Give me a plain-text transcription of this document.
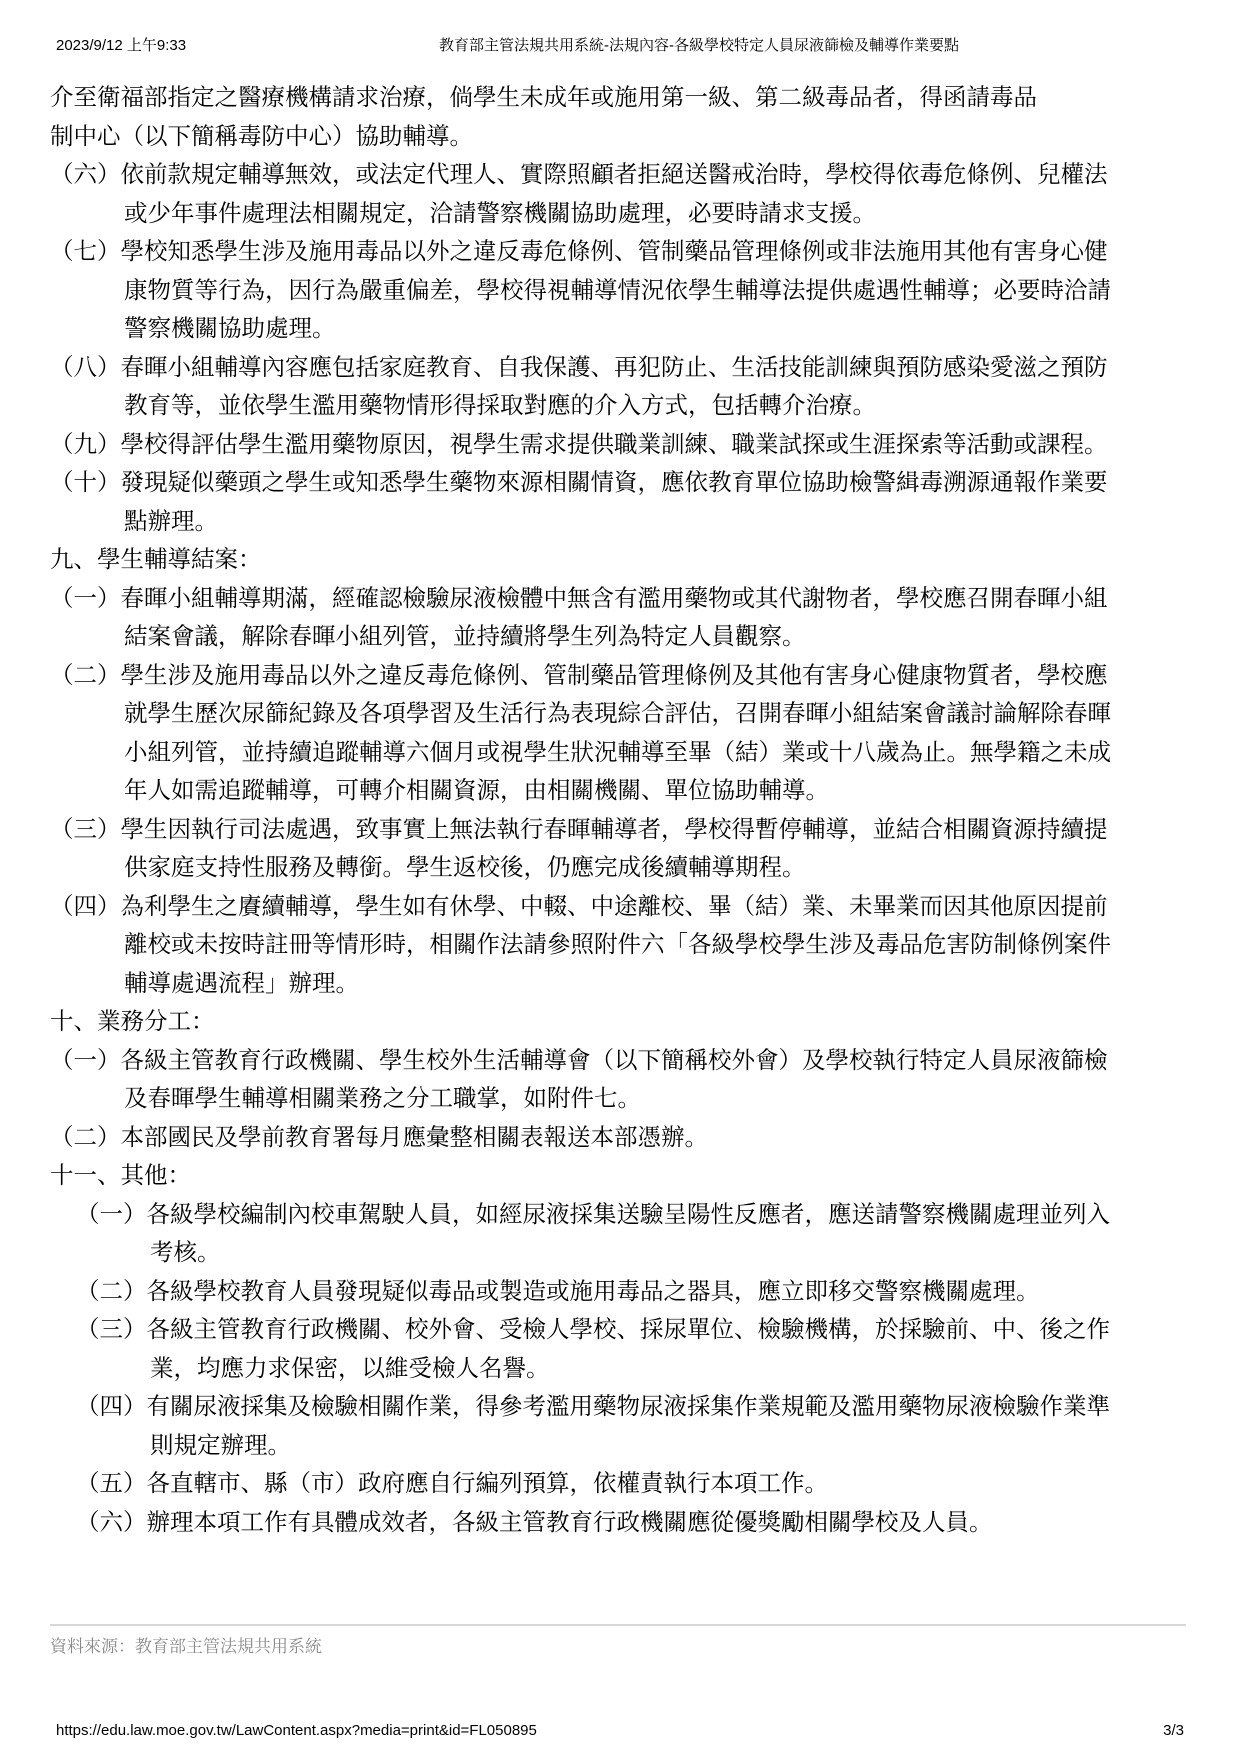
2023/9/12 上午9:33	教育部主管法規共用系統-法規內容-各級學校特定人員尿液篩檢及輔導作業要點

介至衛福部指定之醫療機構請求治療，倘學生未成年或施用第一級、第二級毒品者，得函請毒品
制中心（以下簡稱毒防中心）協助輔導。

（六）依前款規定輔導無效，或法定代理人、實際照顧者拒絕送醫戒治時，學校得依毒危條例、兒權法
或少年事件處理法相關規定，洽請警察機關協助處理，必要時請求支援。

（七）學校知悉學生涉及施用毒品以外之違反毒危條例、管制藥品管理條例或非法施用其他有害身心健
康物質等行為，因行為嚴重偏差，學校得視輔導情況依學生輔導法提供處遇性輔導；必要時洽請
警察機關協助處理。

（八）春暉小組輔導內容應包括家庭教育、自我保護、再犯防止、生活技能訓練與預防感染愛滋之預防
教育等，並依學生濫用藥物情形得採取對應的介入方式，包括轉介治療。

（九）學校得評估學生濫用藥物原因，視學生需求提供職業訓練、職業試探或生涯探索等活動或課程。

（十）發現疑似藥頭之學生或知悉學生藥物來源相關情資，應依教育單位協助檢警緝毒溯源通報作業要
點辦理。

九、學生輔導結案：

（一）春暉小組輔導期滿，經確認檢驗尿液檢體中無含有濫用藥物或其代謝物者，學校應召開春暉小組
結案會議，解除春暉小組列管，並持續將學生列為特定人員觀察。

（二）學生涉及施用毒品以外之違反毒危條例、管制藥品管理條例及其他有害身心健康物質者，學校應
就學生歷次尿篩紀錄及各項學習及生活行為表現綜合評估，召開春暉小組結案會議討論解除春暉
小組列管，並持續追蹤輔導六個月或視學生狀況輔導至畢（結）業或十八歲為止。無學籍之未成
年人如需追蹤輔導，可轉介相關資源，由相關機關、單位協助輔導。

（三）學生因執行司法處遇，致事實上無法執行春暉輔導者，學校得暫停輔導，並結合相關資源持續提
供家庭支持性服務及轉銜。學生返校後，仍應完成後續輔導期程。

（四）為利學生之賡續輔導，學生如有休學、中輟、中途離校、畢（結）業、未畢業而因其他原因提前
離校或未按時註冊等情形時，相關作法請參照附件六「各級學校學生涉及毒品危害防制條例案件
輔導處遇流程」辦理。

十、業務分工：

（一）各級主管教育行政機關、學生校外生活輔導會（以下簡稱校外會）及學校執行特定人員尿液篩檢
及春暉學生輔導相關業務之分工職掌，如附件七。

（二）本部國民及學前教育署每月應彙整相關表報送本部憑辦。

十一、其他：

（一）各級學校編制內校車駕駛人員，如經尿液採集送驗呈陽性反應者，應送請警察機關處理並列入
考核。

（二）各級學校教育人員發現疑似毒品或製造或施用毒品之器具，應立即移交警察機關處理。

（三）各級主管教育行政機關、校外會、受檢人學校、採尿單位、檢驗機構，於採驗前、中、後之作
業，均應力求保密，以維受檢人名譽。

（四）有關尿液採集及檢驗相關作業，得參考濫用藥物尿液採集作業規範及濫用藥物尿液檢驗作業準
則規定辦理。

（五）各直轄市、縣（市）政府應自行編列預算，依權責執行本項工作。

（六）辦理本項工作有具體成效者，各級主管教育行政機關應從優獎勵相關學校及人員。

資料來源：教育部主管法規共用系統
https://edu.law.moe.gov.tw/LawContent.aspx?media=print&id=FL050895	3/3
